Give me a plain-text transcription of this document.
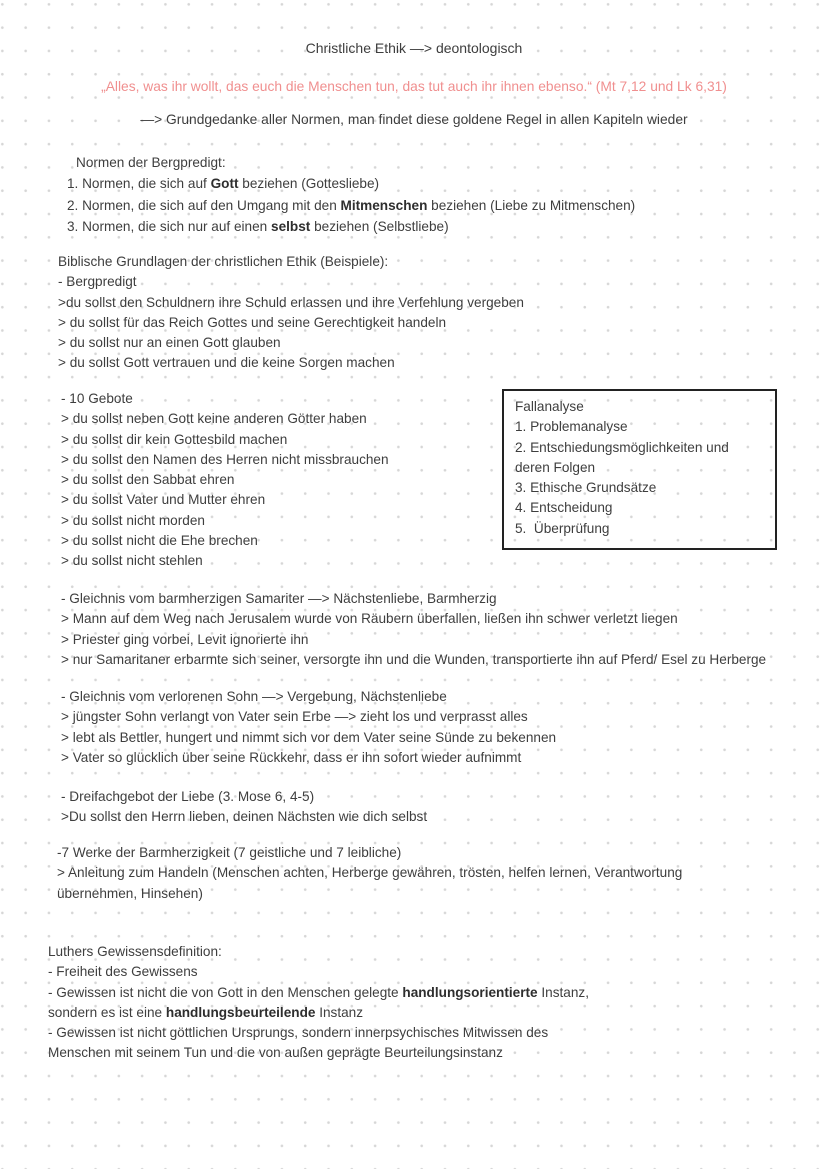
Christliche Ethik —> deontologisch
„Alles, was ihr wollt, das euch die Menschen tun, das tut auch ihr ihnen ebenso.“ (Mt 7,12 und Lk 6,31)
—> Grundgedanke aller Normen, man findet diese goldene Regel in allen Kapiteln wieder
Normen der Bergpredigt:
1. Normen, die sich auf Gott beziehen (Gottesliebe)
2. Normen, die sich auf den Umgang mit den Mitmenschen beziehen (Liebe zu Mitmenschen)
3. Normen, die sich nur auf einen selbst beziehen (Selbstliebe)
Biblische Grundlagen der christlichen Ethik (Beispiele):
- Bergpredigt
>du sollst den Schuldnern ihre Schuld erlassen und ihre Verfehlung vergeben
> du sollst für das Reich Gottes und seine Gerechtigkeit handeln
> du sollst nur an einen Gott glauben
> du sollst Gott vertrauen und die keine Sorgen machen
- 10 Gebote
> du sollst neben Gott keine anderen Götter haben
> du sollst dir kein Gottesbild machen
> du sollst den Namen des Herren nicht missbrauchen
> du sollst den Sabbat ehren
> du sollst Vater und Mutter ehren
> du sollst nicht morden
> du sollst nicht die Ehe brechen
> du sollst nicht stehlen
Fallanalyse
1. Problemanalyse
2. Entschiedungsmöglichkeiten und
deren Folgen
3. Ethische Grundsätze
4. Entscheidung
5.  Überprüfung
- Gleichnis vom barmherzigen Samariter —> Nächstenliebe, Barmherzig
> Mann auf dem Weg nach Jerusalem wurde von Räubern überfallen, ließen ihn schwer verletzt liegen
> Priester ging vorbei, Levit ignorierte ihn
> nur Samaritaner erbarmte sich seiner, versorgte ihn und die Wunden, transportierte ihn auf Pferd/ Esel zu Herberge
- Gleichnis vom verlorenen Sohn —> Vergebung, Nächstenliebe
> jüngster Sohn verlangt von Vater sein Erbe —> zieht los und verprasst alles
> lebt als Bettler, hungert und nimmt sich vor dem Vater seine Sünde zu bekennen
> Vater so glücklich über seine Rückkehr, dass er ihn sofort wieder aufnimmt
- Dreifachgebot der Liebe (3. Mose 6, 4-5)
>Du sollst den Herrn lieben, deinen Nächsten wie dich selbst
-7 Werke der Barmherzigkeit (7 geistliche und 7 leibliche)
> Anleitung zum Handeln (Menschen achten, Herberge gewähren, trösten, helfen lernen, Verantwortung
übernehmen, Hinsehen)
Luthers Gewissensdefinition:
- Freiheit des Gewissens
- Gewissen ist nicht die von Gott in den Menschen gelegte handlungsorientierte Instanz,
sondern es ist eine handlungsbeurteilende Instanz
- Gewissen ist nicht göttlichen Ursprungs, sondern innerpsychisches Mitwissen des
Menschen mit seinem Tun und die von außen geprägte Beurteilungsinstanz
